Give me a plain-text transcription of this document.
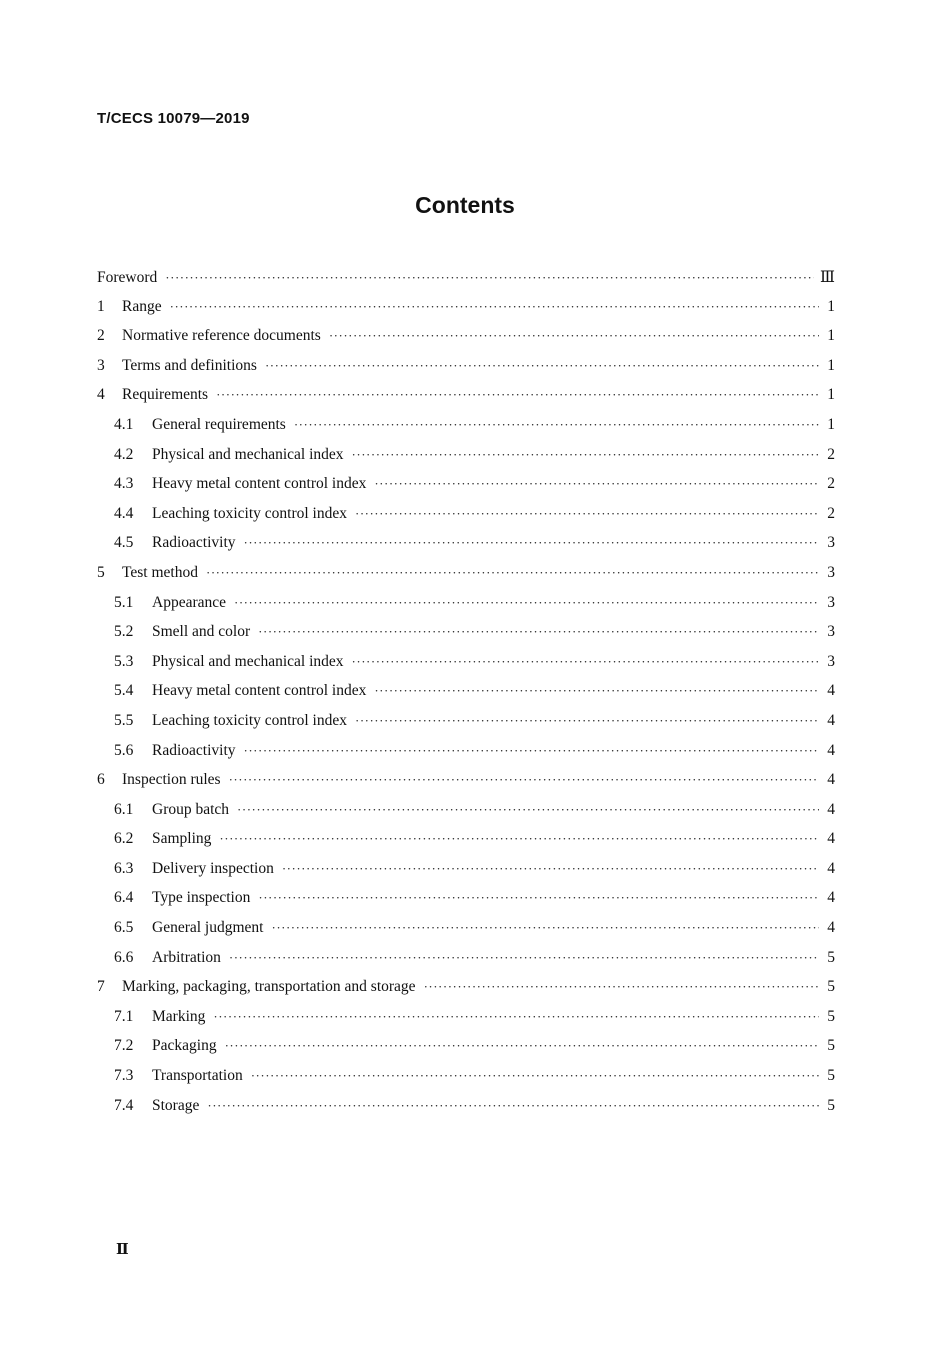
T/CECS 10079—2019
Contents
Foreword ·····	Ⅲ
1	Range ·····	1
2	Normative reference documents ·····	1
3	Terms and definitions ·····	1
4	Requirements ·····	1
4.1	General requirements ·····	1
4.2	Physical and mechanical index ·····	2
4.3	Heavy metal content control index ·····	2
4.4	Leaching toxicity control index ·····	2
4.5	Radioactivity ·····	3
5	Test method ·····	3
5.1	Appearance ·····	3
5.2	Smell and color ·····	3
5.3	Physical and mechanical index ·····	3
5.4	Heavy metal content control index ·····	4
5.5	Leaching toxicity control index ·····	4
5.6	Radioactivity ·····	4
6	Inspection rules ·····	4
6.1	Group batch ·····	4
6.2	Sampling ·····	4
6.3	Delivery inspection ·····	4
6.4	Type inspection ·····	4
6.5	General judgment ·····	4
6.6	Arbitration ·····	5
7	Marking, packaging, transportation and storage ·····	5
7.1	Marking ·····	5
7.2	Packaging ·····	5
7.3	Transportation ·····	5
7.4	Storage ·····	5
Ⅱ
